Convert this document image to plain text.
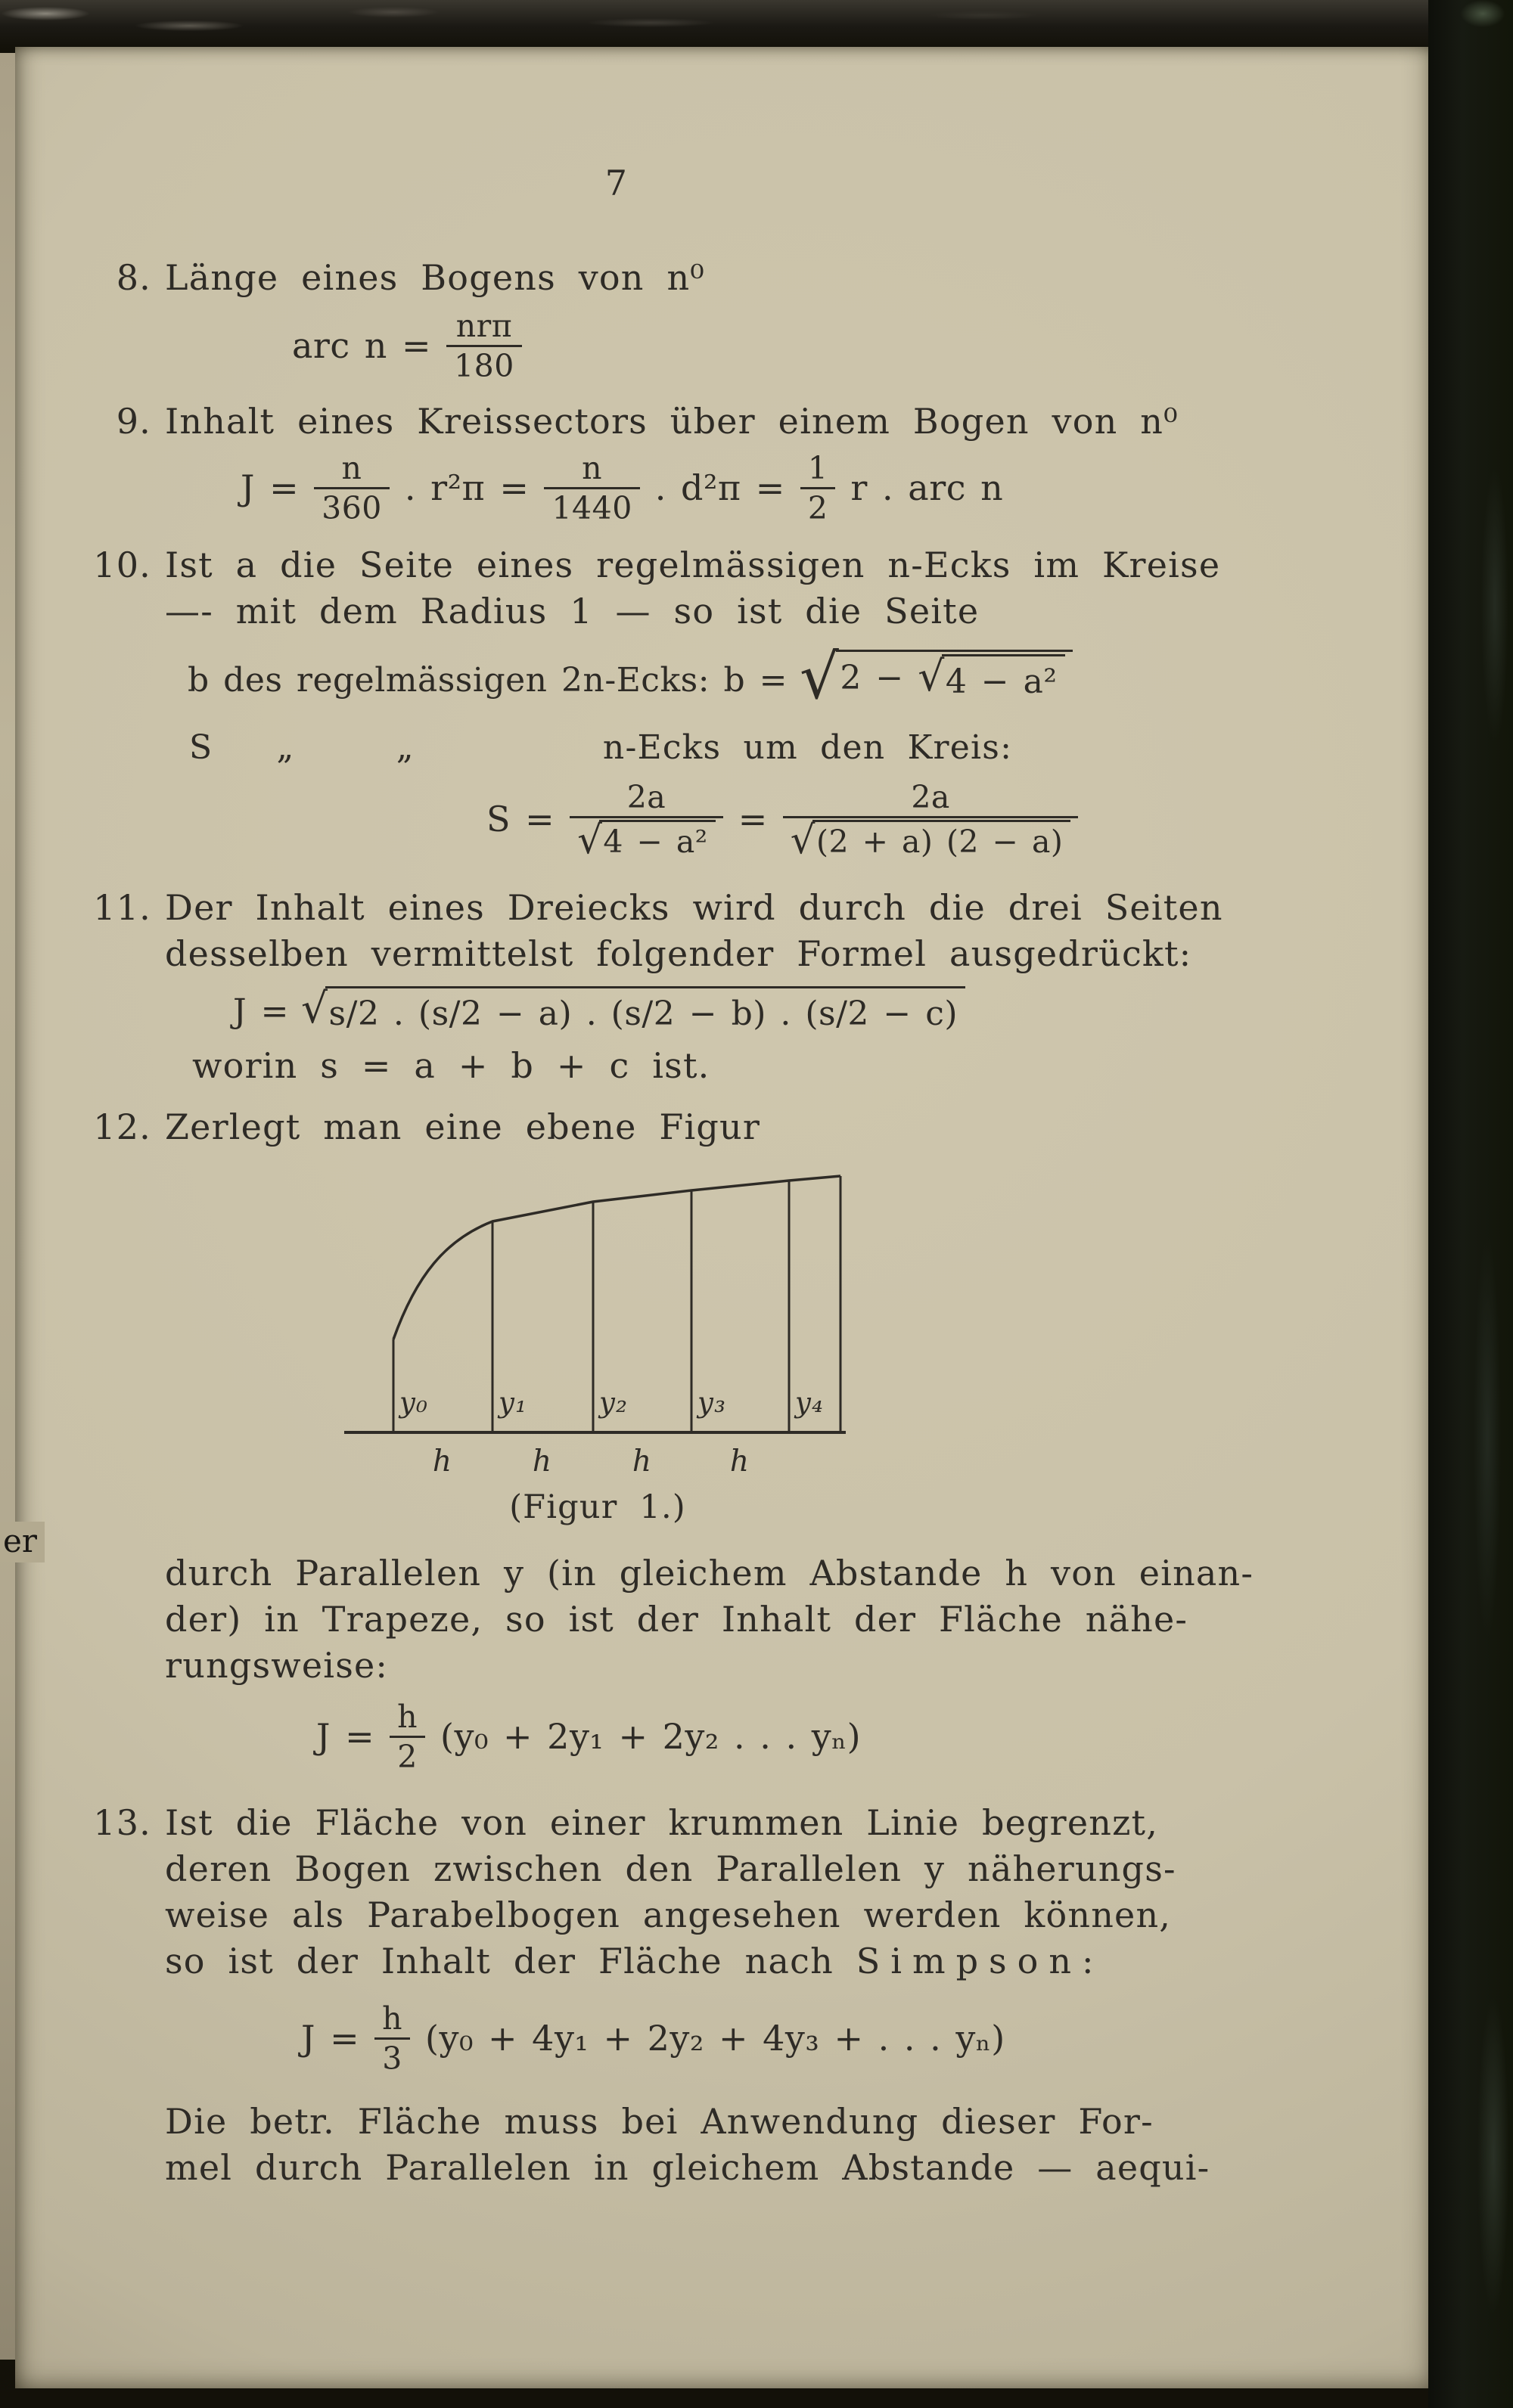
er
7
8. Länge eines Bogens von n⁰
arc $n = \frac{\text{nrπ}}{180}$
9. Inhalt eines Kreissectors über einem Bogen von n⁰
$J = \frac{n}{360}$ . $r^2\pi = \frac{n}{1440}$ . $d^2\pi = \frac{1}{2}$ r . arc n
10. Ist a die Seite eines regelmässigen n-Ecks im Kreise
—- mit dem Radius 1 — so ist die Seite
b des regelmässigen 2n-Ecks: b = √ 2 − √ 4 − a²
S „	„	n-Ecks um den Kreis:
$S = \frac{2a}{\text{√ 4 − a²}} = \frac{2a}{√ (2 + a) (2 - a)}$
11. Der Inhalt eines Dreiecks wird durch die drei Seiten
desselben vermittelst folgender Formel ausgedrückt:
J = √ s/2 . (s/2 − a) . (s/2 − b) . (s/2 − c)
worin s = a + b + c ist.
12. Zerlegt man eine ebene Figur
y₀	y₁	y₂ y₃ y₄
h	h	h	h
(Figur 1.)
durch Parallelen y (in gleichem Abstande h von einan-
der) in Trapeze, so ist der Inhalt der Fläche nähe-
rungsweise:
$J = \frac{h}{2} (y_0 + 2y_1 + 2y_2$ . . . yₙ)
13. Ist die Fläche von einer krummen Linie begrenzt,
deren Bogen zwischen den Parallelen y näherungs-
weise als Parabelbogen angesehen werden können,
so ist der Inhalt der Fläche nach Simpson:
$J = \frac{h}{3} (y_0 + 4y_1 + 2y_2 + 4y_3$ + . . . yₙ)
Die betr. Fläche muss bei Anwendung dieser For-
mel durch Parallelen in gleichem Abstande — aequi-
